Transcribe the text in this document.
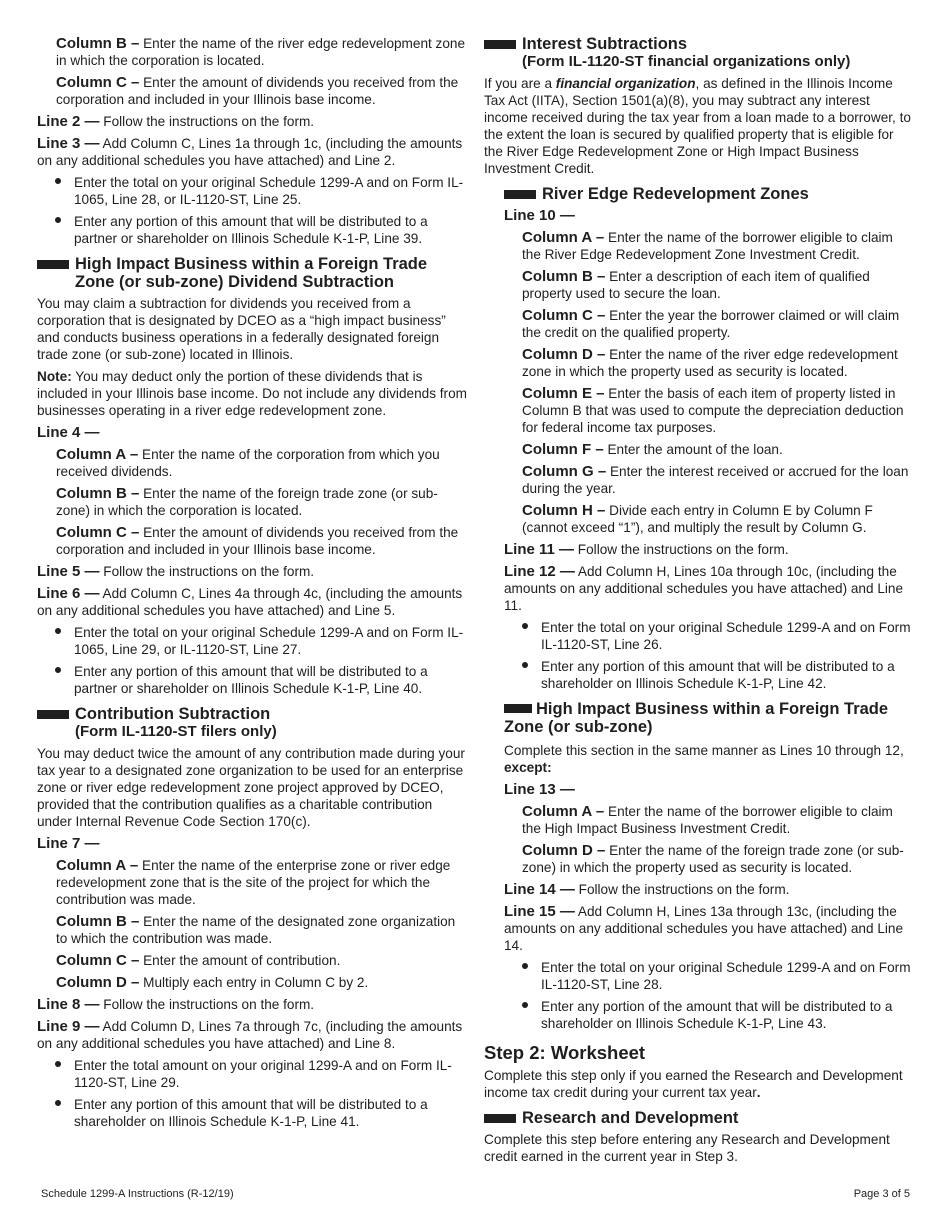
Column B – Enter the name of the river edge redevelopment zone in which the corporation is located.

Column C – Enter the amount of dividends you received from the corporation and included in your Illinois base income.

Line 2 — Follow the instructions on the form.

Line 3 — Add Column C, Lines 1a through 1c, (including the amounts on any additional schedules you have attached) and Line 2.

Enter the total on your original Schedule 1299-A and on Form IL-1065, Line 28, or IL-1120-ST, Line 25.
Enter any portion of this amount that will be distributed to a partner or shareholder on Illinois Schedule K-1-P, Line 39.
High Impact Business within a Foreign Trade Zone (or sub-zone) Dividend Subtraction

You may claim a subtraction for dividends you received from a corporation that is designated by DCEO as a “high impact business” and conducts business operations in a federally designated foreign trade zone (or sub-zone) located in Illinois.

Note: You may deduct only the portion of these dividends that is included in your Illinois base income. Do not include any dividends from businesses operating in a river edge redevelopment zone.

Line 4 —

Column A – Enter the name of the corporation from which you received dividends.

Column B – Enter the name of the foreign trade zone (or sub-zone) in which the corporation is located.

Column C – Enter the amount of dividends you received from the corporation and included in your Illinois base income.

Line 5 — Follow the instructions on the form.

Line 6 — Add Column C, Lines 4a through 4c, (including the amounts on any additional schedules you have attached) and Line 5.

Enter the total on your original Schedule 1299-A and on Form IL-1065, Line 29, or IL-1120-ST, Line 27.
Enter any portion of this amount that will be distributed to a partner or shareholder on Illinois Schedule K-1-P, Line 40.
Contribution Subtraction
(Form IL-1120-ST filers only)

You may deduct twice the amount of any contribution made during your tax year to a designated zone organization to be used for an enterprise zone or river edge redevelopment zone project approved by DCEO, provided that the contribution qualifies as a charitable contribution under Internal Revenue Code Section 170(c).

Line 7 —

Column A – Enter the name of the enterprise zone or river edge redevelopment zone that is the site of the project for which the contribution was made.

Column B – Enter the name of the designated zone organization to which the contribution was made.

Column C – Enter the amount of contribution.

Column D – Multiply each entry in Column C by 2.

Line 8 — Follow the instructions on the form.

Line 9 — Add Column D, Lines 7a through 7c, (including the amounts on any additional schedules you have attached) and Line 8.

Enter the total amount on your original 1299-A and on Form IL-1120-ST, Line 29.
Enter any portion of this amount that will be distributed to a shareholder on Illinois Schedule K-1-P, Line 41.
Interest Subtractions
(Form IL-1120-ST financial organizations only)

If you are a financial organization, as defined in the Illinois Income Tax Act (IITA), Section 1501(a)(8), you may subtract any interest income received during the tax year from a loan made to a borrower, to the extent the loan is secured by qualified property that is eligible for the River Edge Redevelopment Zone or High Impact Business Investment Credit.

River Edge Redevelopment Zones

Line 10 —

Column A – Enter the name of the borrower eligible to claim the River Edge Redevelopment Zone Investment Credit.

Column B – Enter a description of each item of qualified property used to secure the loan.

Column C – Enter the year the borrower claimed or will claim the credit on the qualified property.

Column D – Enter the name of the river edge redevelopment zone in which the property used as security is located.

Column E – Enter the basis of each item of property listed in Column B that was used to compute the depreciation deduction for federal income tax purposes.

Column F – Enter the amount of the loan.

Column G – Enter the interest received or accrued for the loan during the year.

Column H – Divide each entry in Column E by Column F (cannot exceed “1”), and multiply the result by Column G.

Line 11 — Follow the instructions on the form.

Line 12 — Add Column H, Lines 10a through 10c, (including the amounts on any additional schedules you have attached) and Line 11.

Enter the total on your original Schedule 1299-A and on Form IL-1120-ST, Line 26.
Enter any portion of this amount that will be distributed to a shareholder on Illinois Schedule K-1-P, Line 42.

High Impact Business within a Foreign Trade Zone (or sub-zone)

Complete this section in the same manner as Lines 10 through 12, except:

Line 13 —

Column A – Enter the name of the borrower eligible to claim the High Impact Business Investment Credit.

Column D – Enter the name of the foreign trade zone (or sub-zone) in which the property used as security is located.

Line 14 — Follow the instructions on the form.

Line 15 — Add Column H, Lines 13a through 13c, (including the amounts on any additional schedules you have attached) and Line 14.

Enter the total on your original Schedule 1299-A and on Form IL-1120-ST, Line 28.
Enter any portion of the amount that will be distributed to a shareholder on Illinois Schedule K-1-P, Line 43.
Step 2: Worksheet

Complete this step only if you earned the Research and Development income tax credit during your current tax year.

Research and Development

Complete this step before entering any Research and Development credit earned in the current year in Step 3.

Schedule 1299-A Instructions (R-12/19)	Page 3 of 5
